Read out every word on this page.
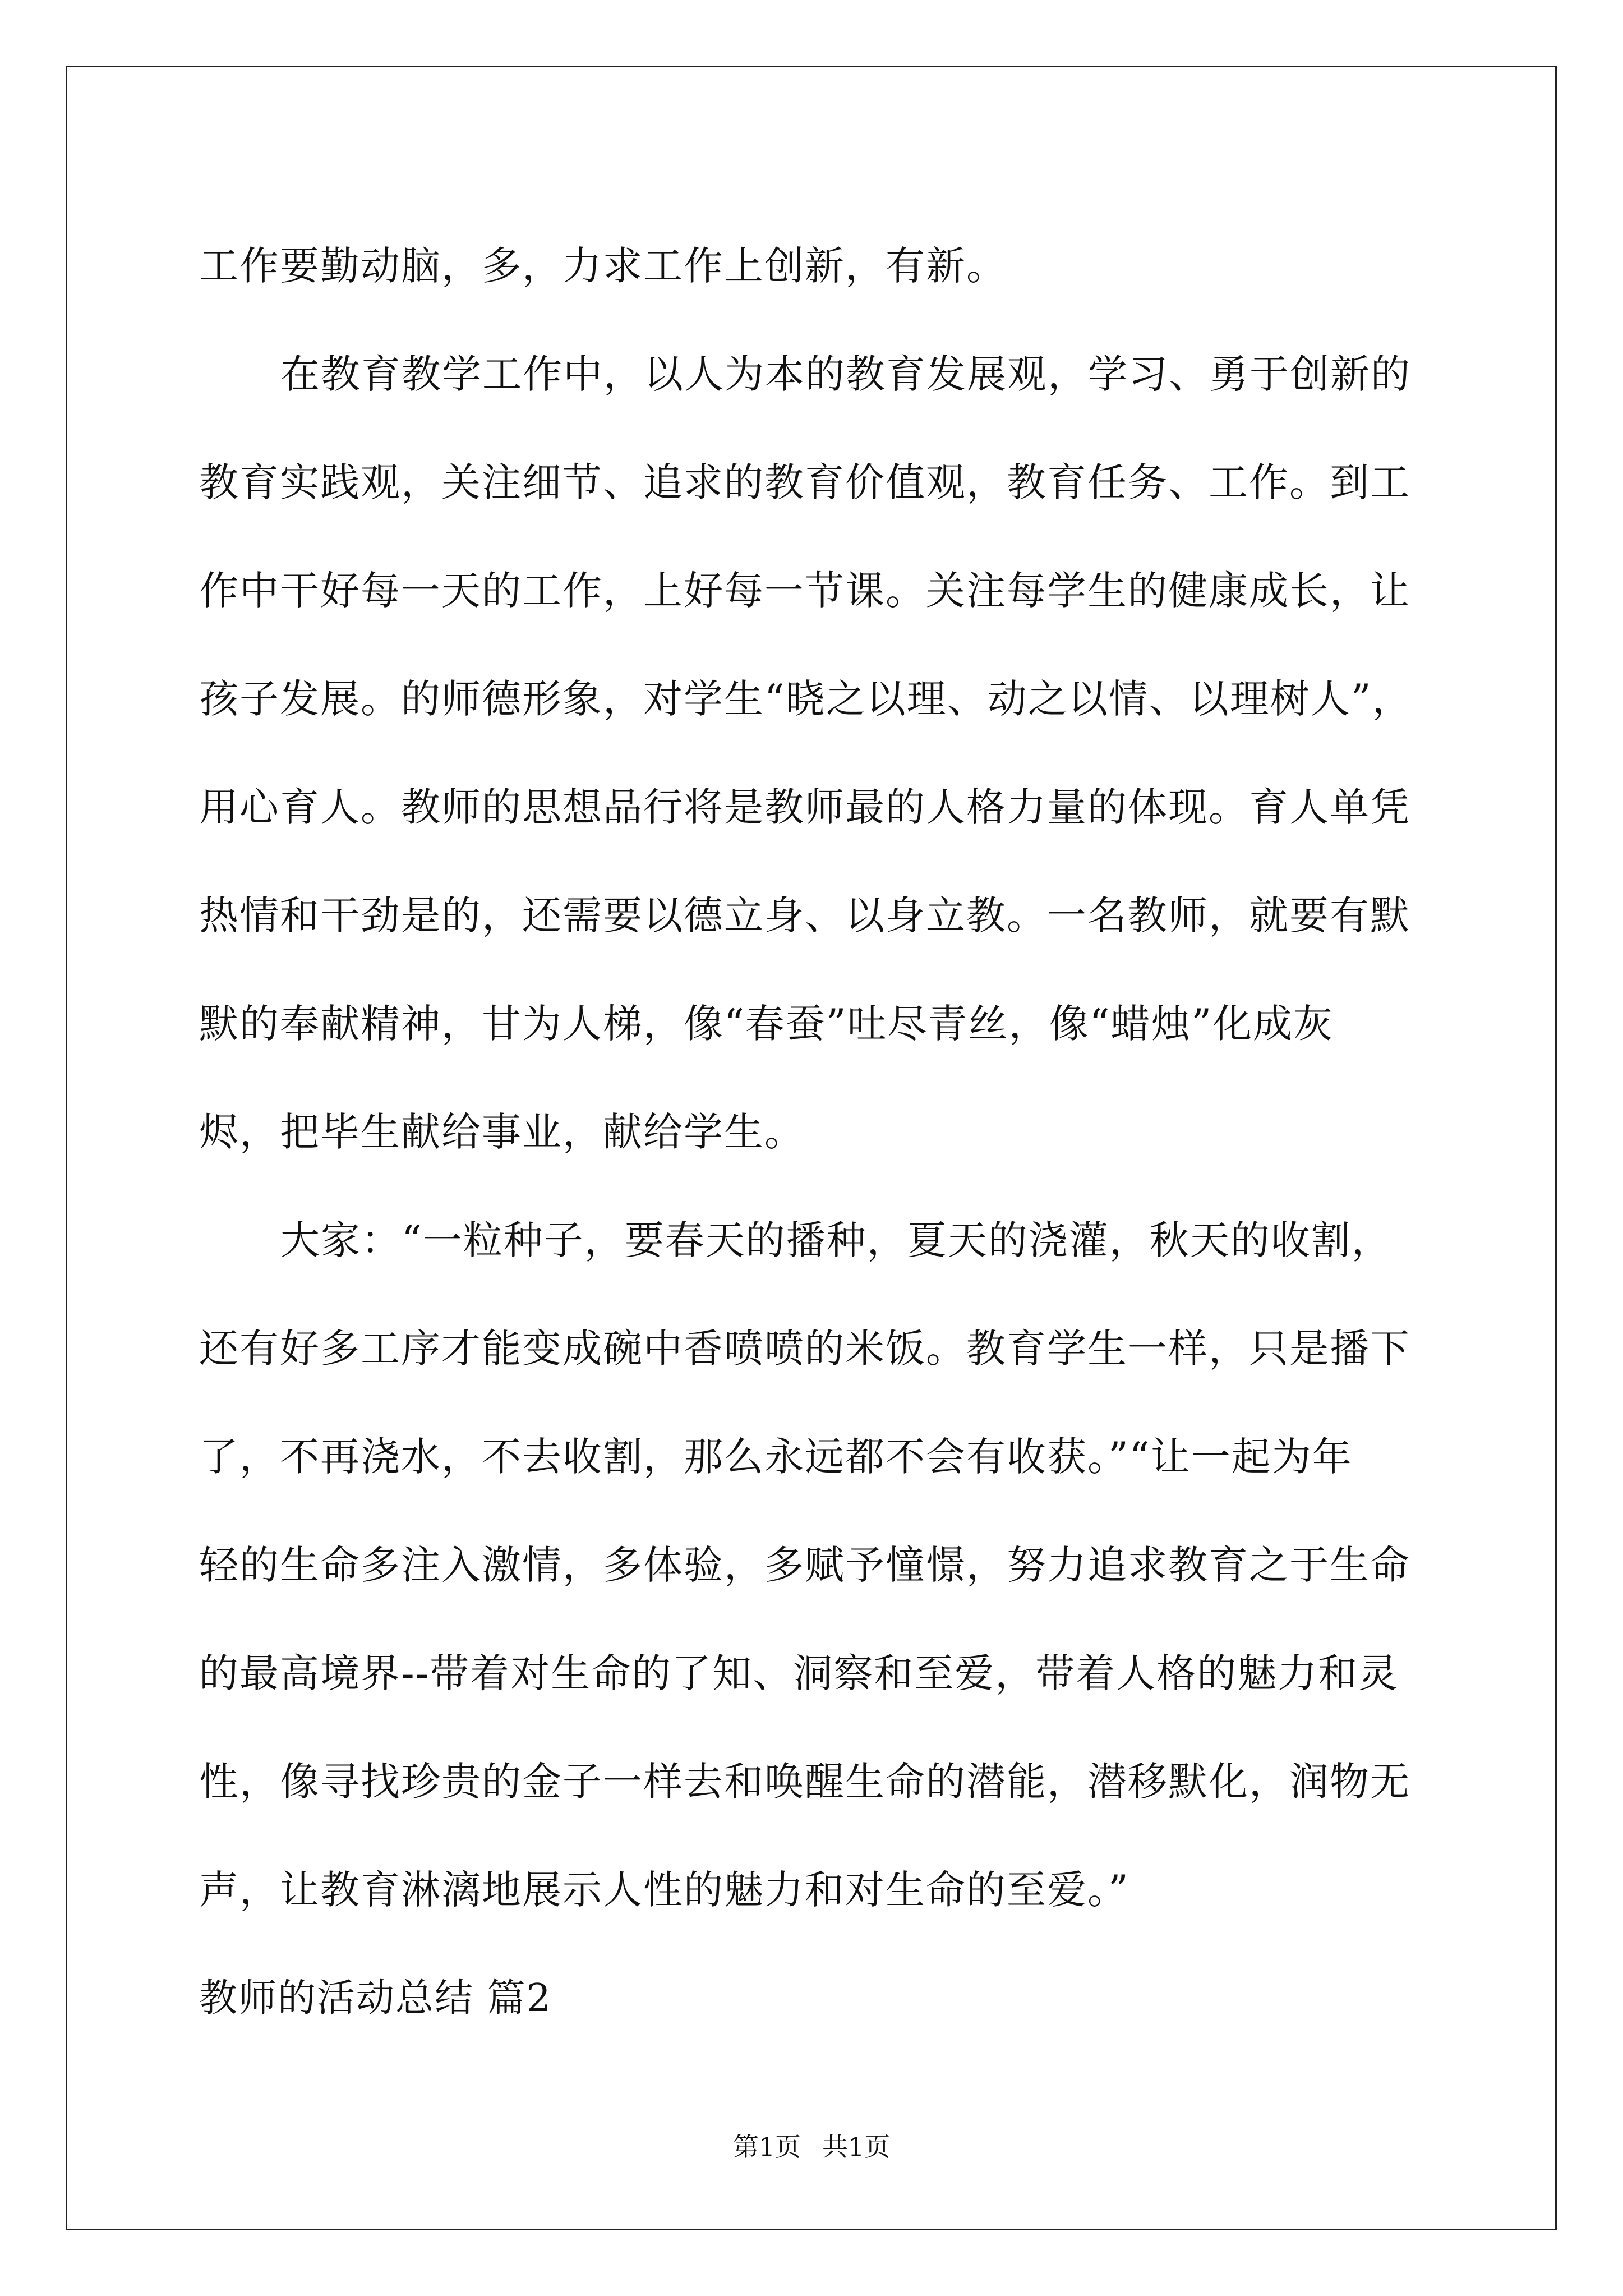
工作要勤动脑，多，力求工作上创新，有新。
在教育教学工作中，以人为本的教育发展观，学习、勇于创新的
教育实践观，关注细节、追求的教育价值观，教育任务、工作。到工
作中干好每一天的工作，上好每一节课。关注每学生的健康成长，让
孩子发展。的师德形象，对学生“晓之以理、动之以情、以理树人”，
用心育人。教师的思想品行将是教师最的人格力量的体现。育人单凭
热情和干劲是的，还需要以德立身、以身立教。一名教师，就要有默
默的奉献精神，甘为人梯，像“春蚕”吐尽青丝，像“蜡烛”化成灰
烬，把毕生献给事业，献给学生。
大家：“一粒种子，要春天的播种，夏天的浇灌，秋天的收割，
还有好多工序才能变成碗中香喷喷的米饭。教育学生一样，只是播下
了，不再浇水，不去收割，那么永远都不会有收获。”“让一起为年
轻的生命多注入激情，多体验，多赋予憧憬，努力追求教育之于生命
的最高境界--带着对生命的了知、洞察和至爱，带着人格的魅力和灵
性，像寻找珍贵的金子一样去和唤醒生命的潜能，潜移默化，润物无
声，让教育淋漓地展示人性的魅力和对生命的至爱。”
教师的活动总结 篇2
第1页 共1页
